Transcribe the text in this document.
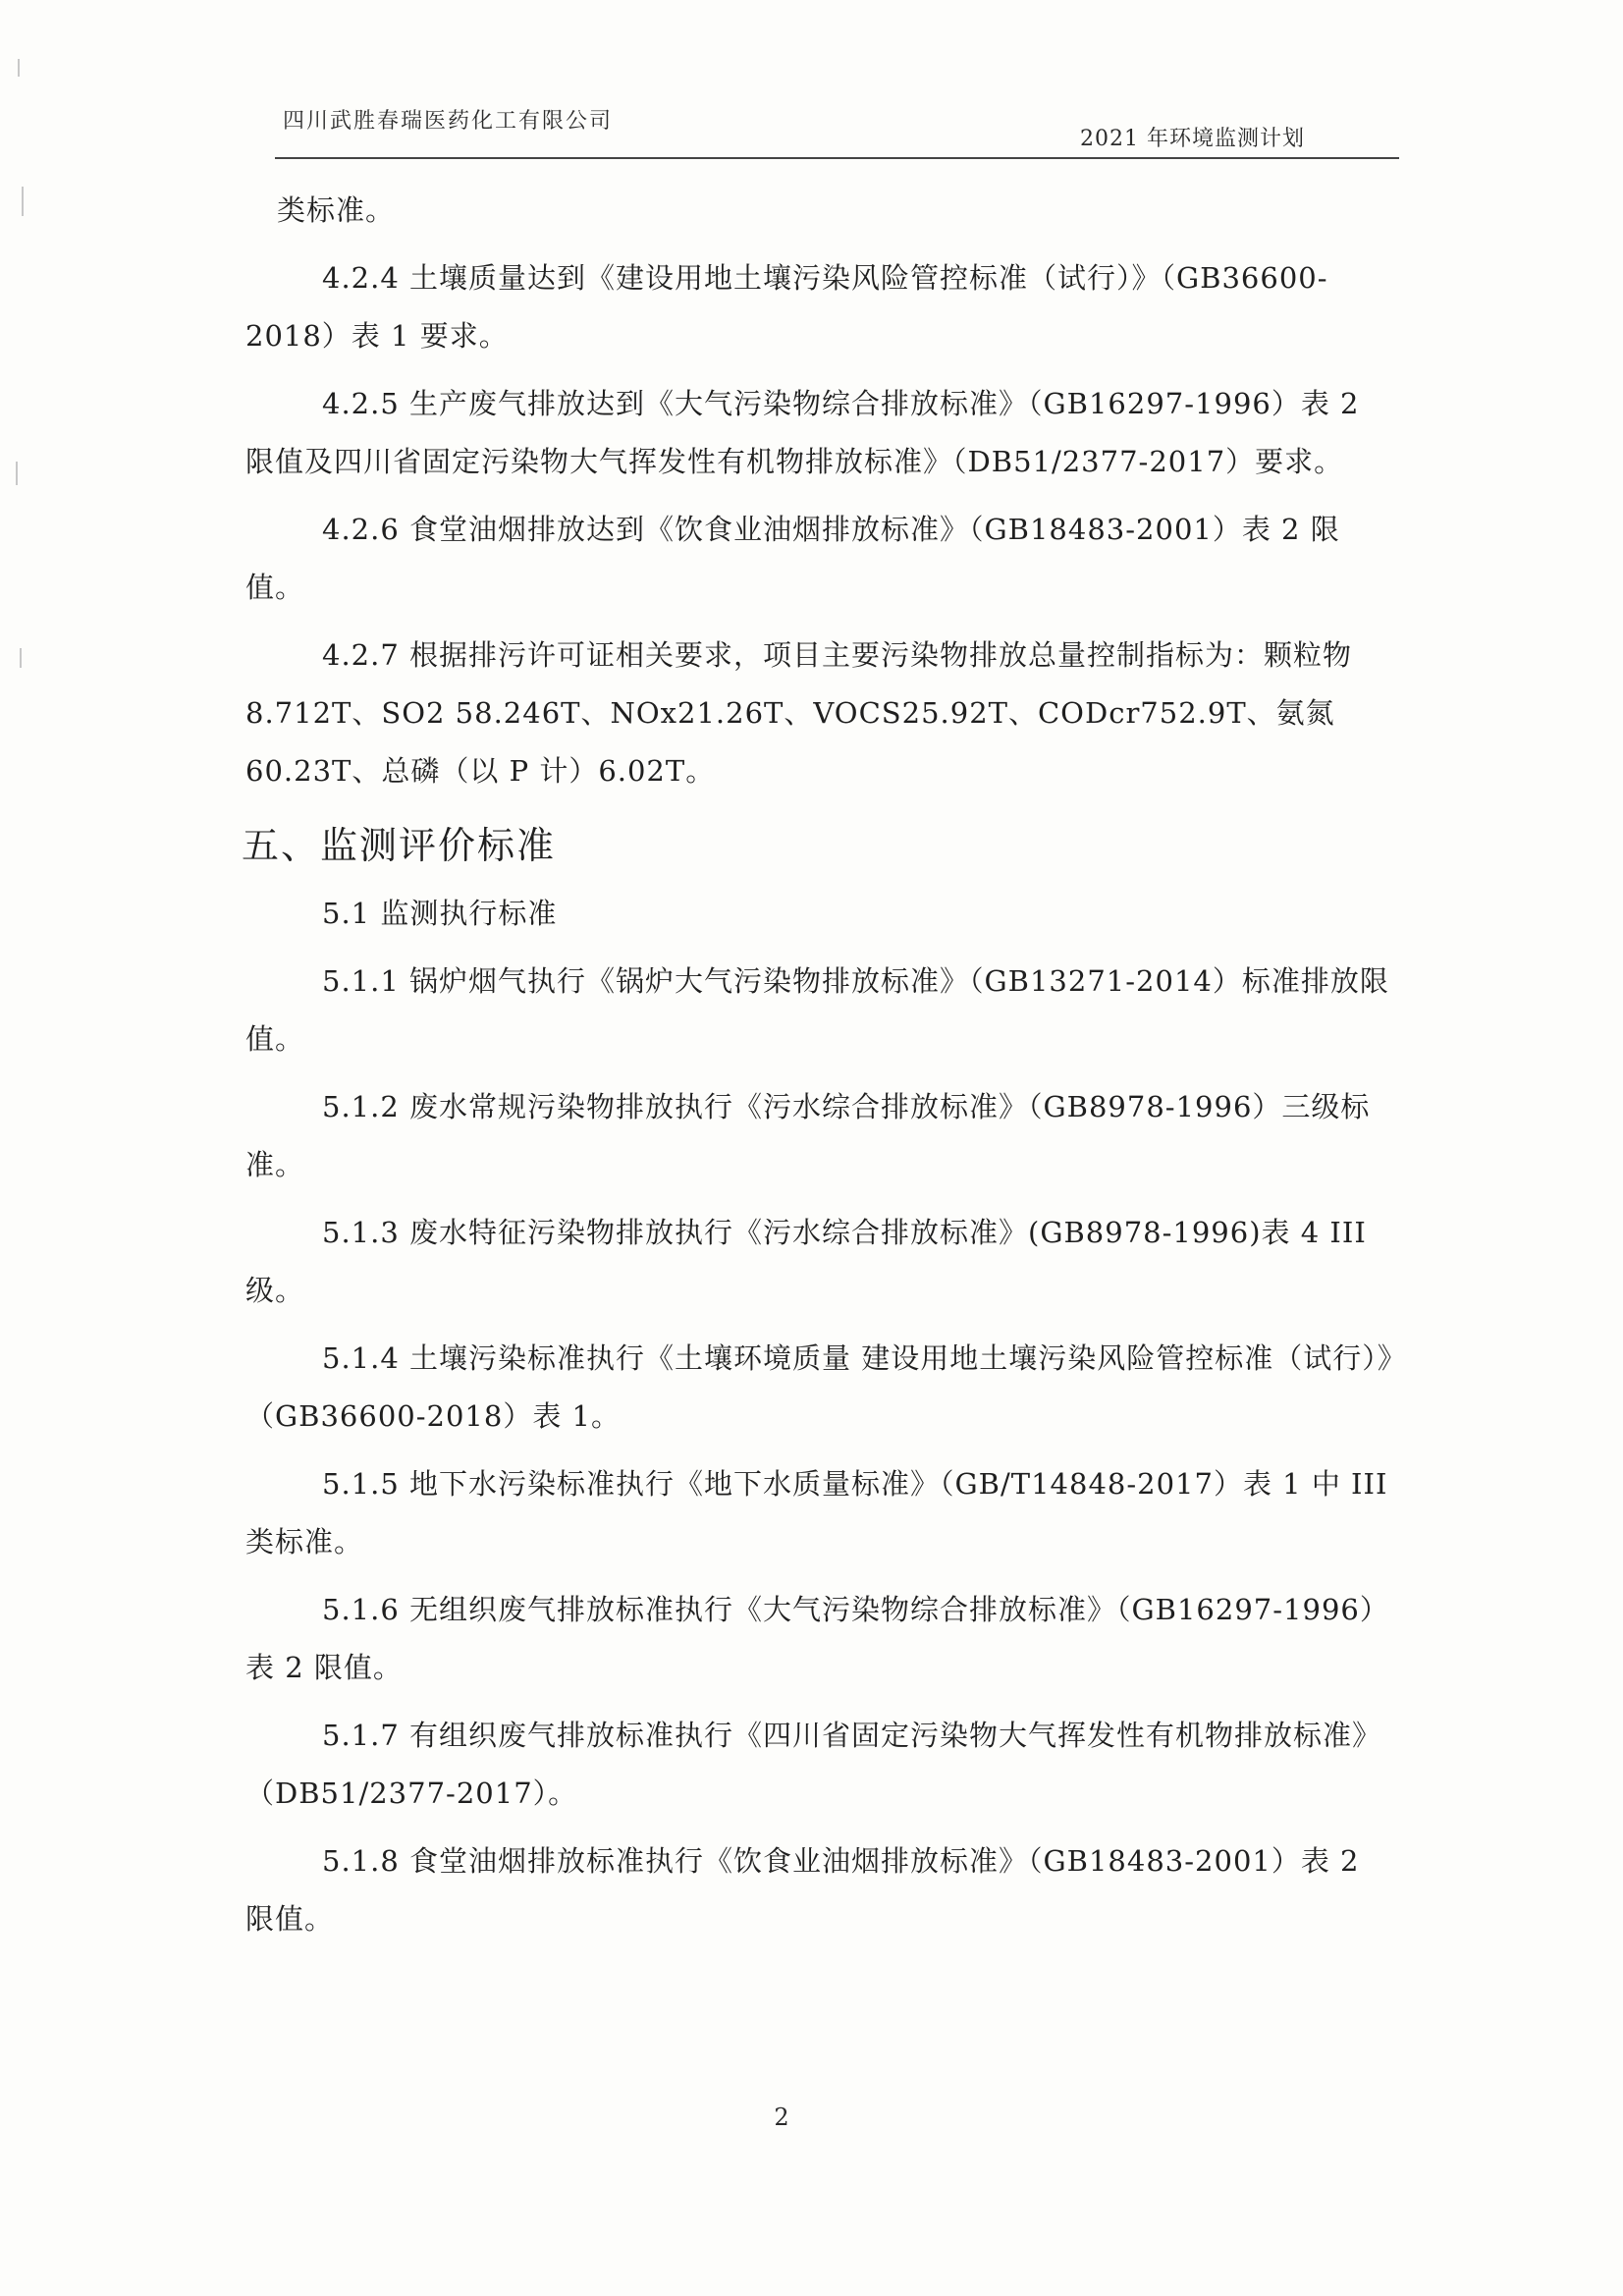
四川武胜春瑞医药化工有限公司
2021 年环境监测计划

类标准。

4.2.4 土壤质量达到《建设用地土壤污染风险管控标准（试行）》（GB36600-2018）表 1 要求。

4.2.5 生产废气排放达到《大气污染物综合排放标准》（GB16297-1996）表 2 限值及四川省固定污染物大气挥发性有机物排放标准》（DB51/2377-2017）要求。

4.2.6 食堂油烟排放达到《饮食业油烟排放标准》（GB18483-2001）表 2 限值。

4.2.7 根据排污许可证相关要求，项目主要污染物排放总量控制指标为：颗粒物 8.712T、SO2 58.246T、NOx21.26T、VOCS25.92T、CODcr752.9T、氨氮 60.23T、总磷（以 P 计）6.02T。

五、监测评价标准

5.1 监测执行标准

5.1.1 锅炉烟气执行《锅炉大气污染物排放标准》（GB13271-2014）标准排放限值。

5.1.2 废水常规污染物排放执行《污水综合排放标准》（GB8978-1996）三级标准。

5.1.3 废水特征污染物排放执行《污水综合排放标准》(GB8978-1996)表 4 III 级。

5.1.4 土壤污染标准执行《土壤环境质量 建设用地土壤污染风险管控标准（试行）》（GB36600-2018）表 1。

5.1.5 地下水污染标准执行《地下水质量标准》（GB/T14848-2017）表 1 中 III 类标准。

5.1.6 无组织废气排放标准执行《大气污染物综合排放标准》（GB16297-1996）表 2 限值。

5.1.7 有组织废气排放标准执行《四川省固定污染物大气挥发性有机物排放标准》（DB51/2377-2017）。

5.1.8 食堂油烟排放标准执行《饮食业油烟排放标准》（GB18483-2001）表 2 限值。

2
